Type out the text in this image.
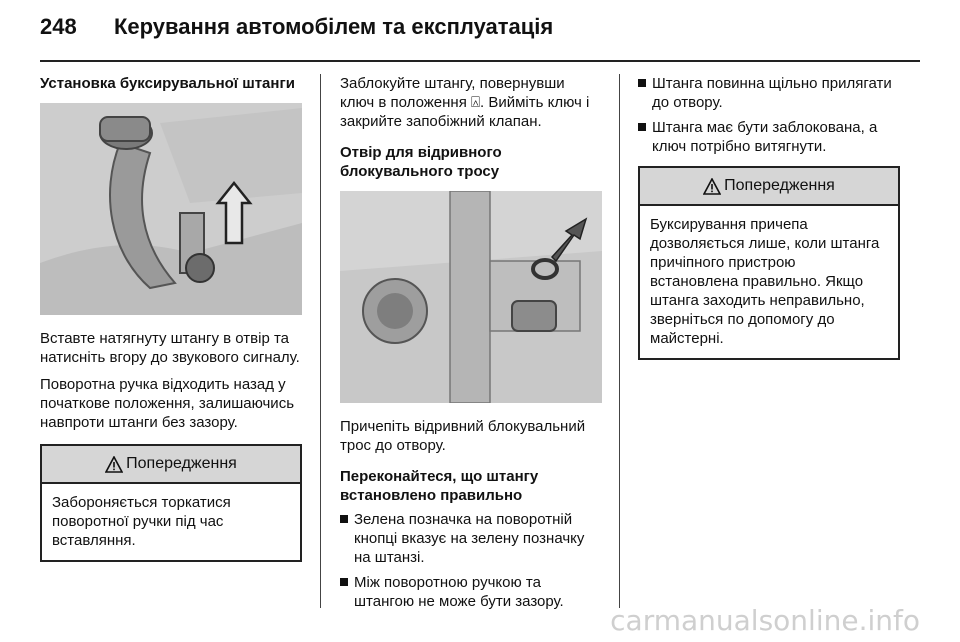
248	Керування автомобілем та експлуатація
Установка буксирувальної штанги
Вставте натягнуту штангу в отвір та натисніть вгору до звукового сигналу.
Поворотна ручка відходить назад у початкове положення, залишаючись навпроти штанги без зазору.
Попередження
Забороняється торкатися поворотної ручки під час вставляння.
Заблокуйте штангу, повернувши ключ в положення ⍓. Вийміть ключ і закрийте запобіжний клапан.
Отвір для відривного блокувального тросу
Причепіть відривний блокувальний трос до отвору.
Переконайтеся, що штангу встановлено правильно
Зелена позначка на поворотній кнопці вказує на зелену позначку на штанзі.
Між поворотною ручкою та штангою не може бути зазору.
Штанга повинна щільно прилягати до отвору.
Штанга має бути заблокована, а ключ потрібно витягнути.
Попередження
Буксирування причепа дозволяється лише, коли штанга причіпного пристрою встановлена правильно. Якщо штанга заходить неправильно, зверніться по допомогу до майстерні.
carmanualsonline.info
